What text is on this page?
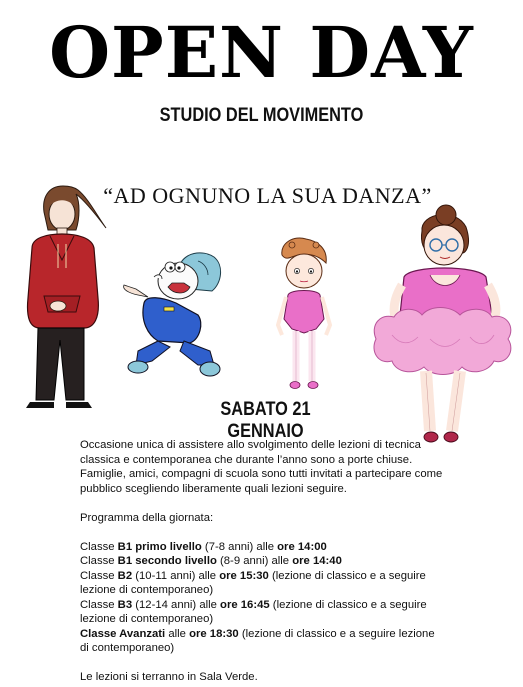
OPEN DAY
STUDIO DEL MOVIMENTO
“AD OGNUNO LA SUA DANZA”
SABATO 21 GENNAIO

Occasione unica di assistere allo svolgimento delle lezioni di tecnica

classica e contemporanea che durante l’anno sono a porte chiuse.

Famiglie, amici, compagni di scuola sono tutti invitati a partecipare come

pubblico scegliendo liberamente quali lezioni seguire.

Programma della giornata:

Classe B1 primo livello (7-8 anni) alle ore 14:00

Classe B1 secondo livello (8-9 anni) alle ore 14:40

Classe B2 (10-11 anni) alle ore 15:30 (lezione di classico e a seguire

lezione di contemporaneo)

Classe B3 (12-14 anni) alle ore 16:45 (lezione di classico e a seguire

lezione di contemporaneo)

Classe Avanzati alle ore 18:30 (lezione di classico e a seguire lezione

di contemporaneo)

Le lezioni si terranno in Sala Verde.
